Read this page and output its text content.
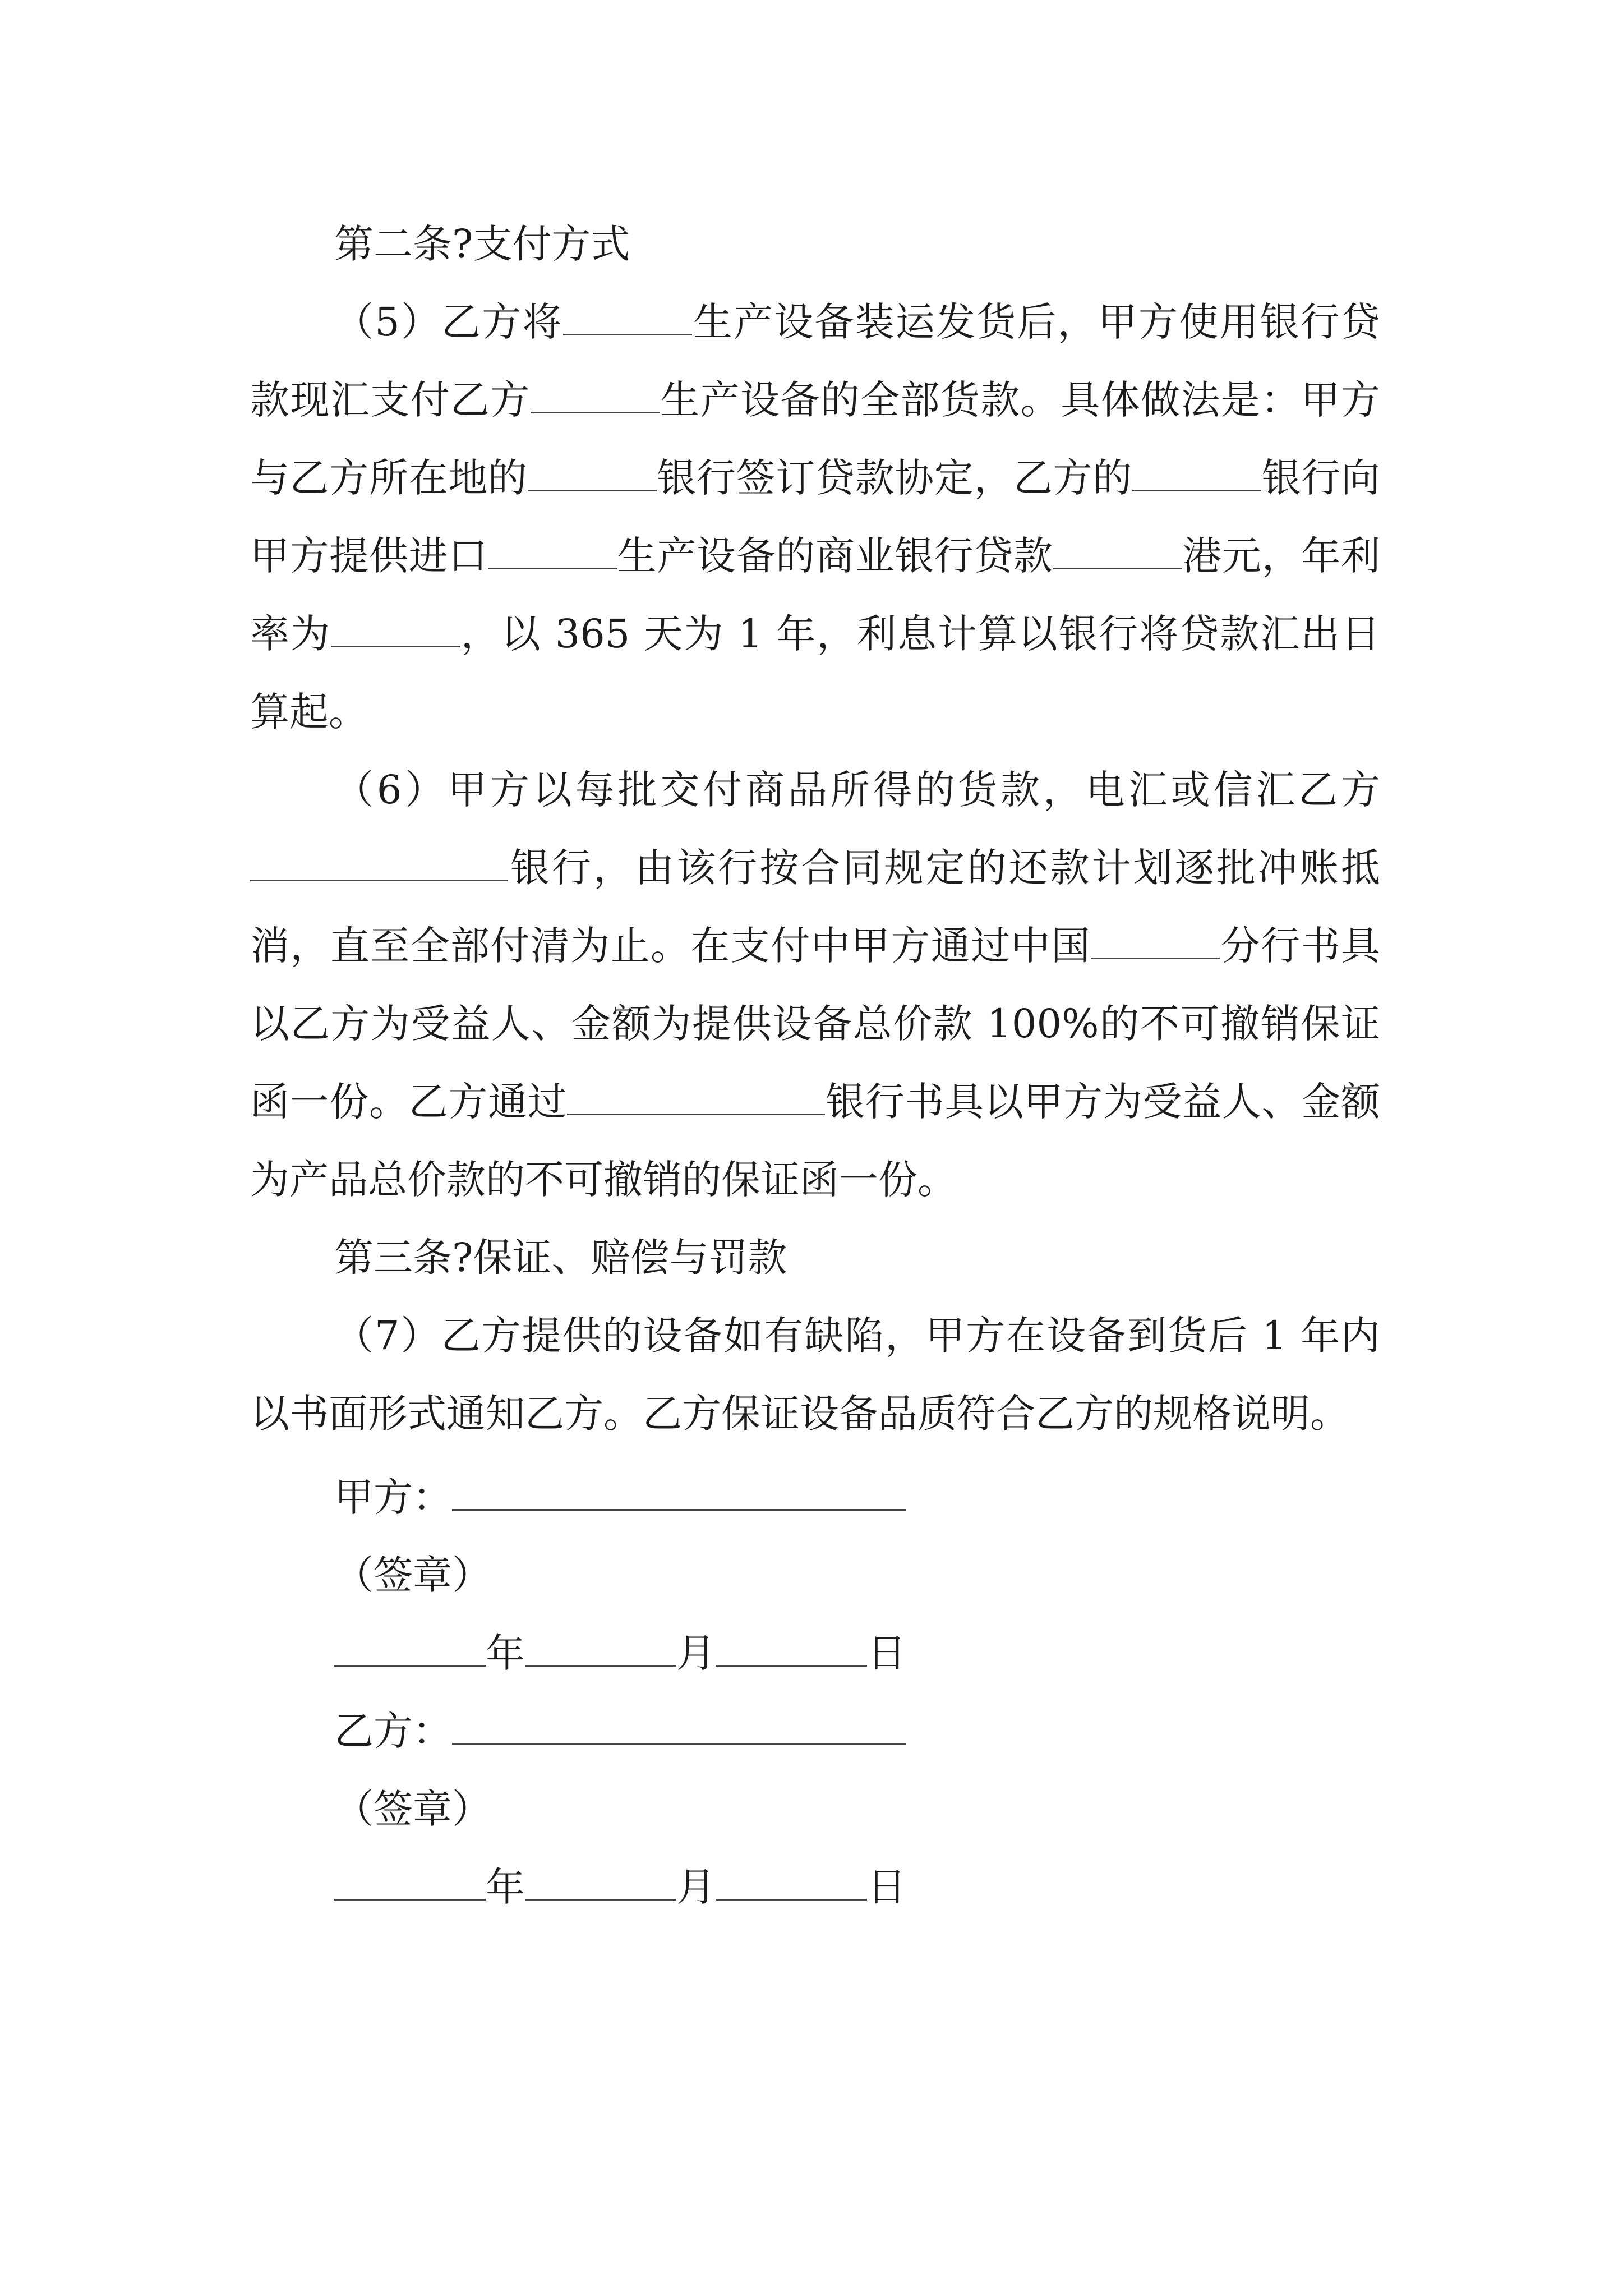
第二条?支付方式

（5）乙方将	生产设备装运发货后，甲方使用银行贷款现汇支付乙方	生产设备的全部货款。具体做法是：甲方与乙方所在地的	银行签订贷款协定，乙方的	银行向甲方提供进口	生产设备的商业银行贷款	港元，年利率为	，以 365 天为 1 年，利息计算以银行将贷款汇出日算起。

（6）甲方以每批交付商品所得的货款，电汇或信汇乙方银行，由该行按合同规定的还款计划逐批冲账抵消，直至全部付清为止。在支付中甲方通过中国	分行书具以乙方为受益人、金额为提供设备总价款 100%的不可撤销保证函一份。乙方通过	银行书具以甲方为受益人、金额为产品总价款的不可撤销的保证函一份。

第三条?保证、赔偿与罚款

（7）乙方提供的设备如有缺陷，甲方在设备到货后 1 年内以书面形式通知乙方。乙方保证设备品质符合乙方的规格说明。

甲方：

（签章）

年	月	日

乙方：

（签章）

年	月	日
